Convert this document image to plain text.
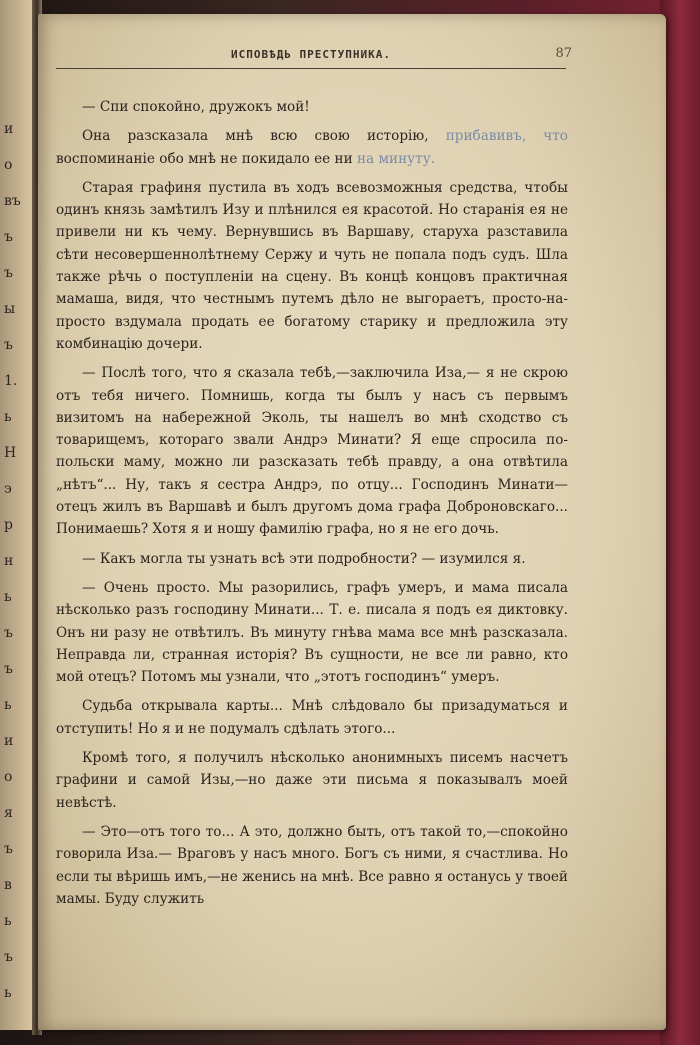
и
о
въ
ъ
ъ
ы
ъ
1.
ь
Н
э
р
н
ь
ъ
ъ
ь
и
о
я
ъ
в
ь
ъ
ь
ИСПОВѢДЬ ПРЕСТУПНИКА.	87

— Спи спокойно, дружокъ мой!

Она разсказала мнѣ всю свою исторію, прибавивъ, что воспоминаніе обо мнѣ не покидало ее ни на минуту.

Старая графиня пустила въ ходъ всевозможныя средства, чтобы одинъ князь замѣтилъ Изу и плѣнился ея красотой. Но старанія ея не привели ни къ чему. Вернувшись въ Варшаву, старуха разставила сѣти несовершеннолѣтнему Сержу и чуть не попала подъ судъ. Шла также рѣчь о поступленіи на сцену. Въ концѣ концовъ практичная мамаша, видя, что честнымъ путемъ дѣло не выгораетъ, просто-на-просто вздумала продать ее богатому старику и предложила эту комбинацію дочери.

— Послѣ того, что я сказала тебѣ,—заключила Иза,— я не скрою отъ тебя ничего. Помнишь, когда ты былъ у насъ съ первымъ визитомъ на набережной Эколь, ты нашелъ во мнѣ сходство съ товарищемъ, котораго звали Андрэ Минати? Я еще спросила по-польски маму, можно ли разсказать тебѣ правду, а она отвѣтила „нѣтъ“... Ну, такъ я сестра Андрэ, по отцу... Господинъ Минати—отецъ жилъ въ Варшавѣ и былъ другомъ дома графа Доброновскаго... Понимаешь? Хотя я и ношу фамилію графа, но я не его дочь.

— Какъ могла ты узнать всѣ эти подробности? — изумился я.

— Очень просто. Мы разорились, графъ умеръ, и мама писала нѣсколько разъ господину Минати... Т. е. писала я подъ ея диктовку. Онъ ни разу не отвѣтилъ. Въ минуту гнѣва мама все мнѣ разсказала. Неправда ли, странная исторія? Въ сущности, не все ли равно, кто мой отецъ? Потомъ мы узнали, что „этотъ господинъ“ умеръ.

Судьба открывала карты... Мнѣ слѣдовало бы призадуматься и отступить! Но я и не подумалъ сдѣлать этого...

Кромѣ того, я получилъ нѣсколько анонимныхъ писемъ насчетъ графини и самой Изы,—но даже эти письма я показывалъ моей невѣстѣ.

— Это—отъ того то... А это, должно быть, отъ такой то,—спокойно говорила Иза.— Враговъ у насъ много. Богъ съ ними, я счастлива. Но если ты вѣришь имъ,—не женись на мнѣ. Все равно я останусь у твоей мамы. Буду служить
